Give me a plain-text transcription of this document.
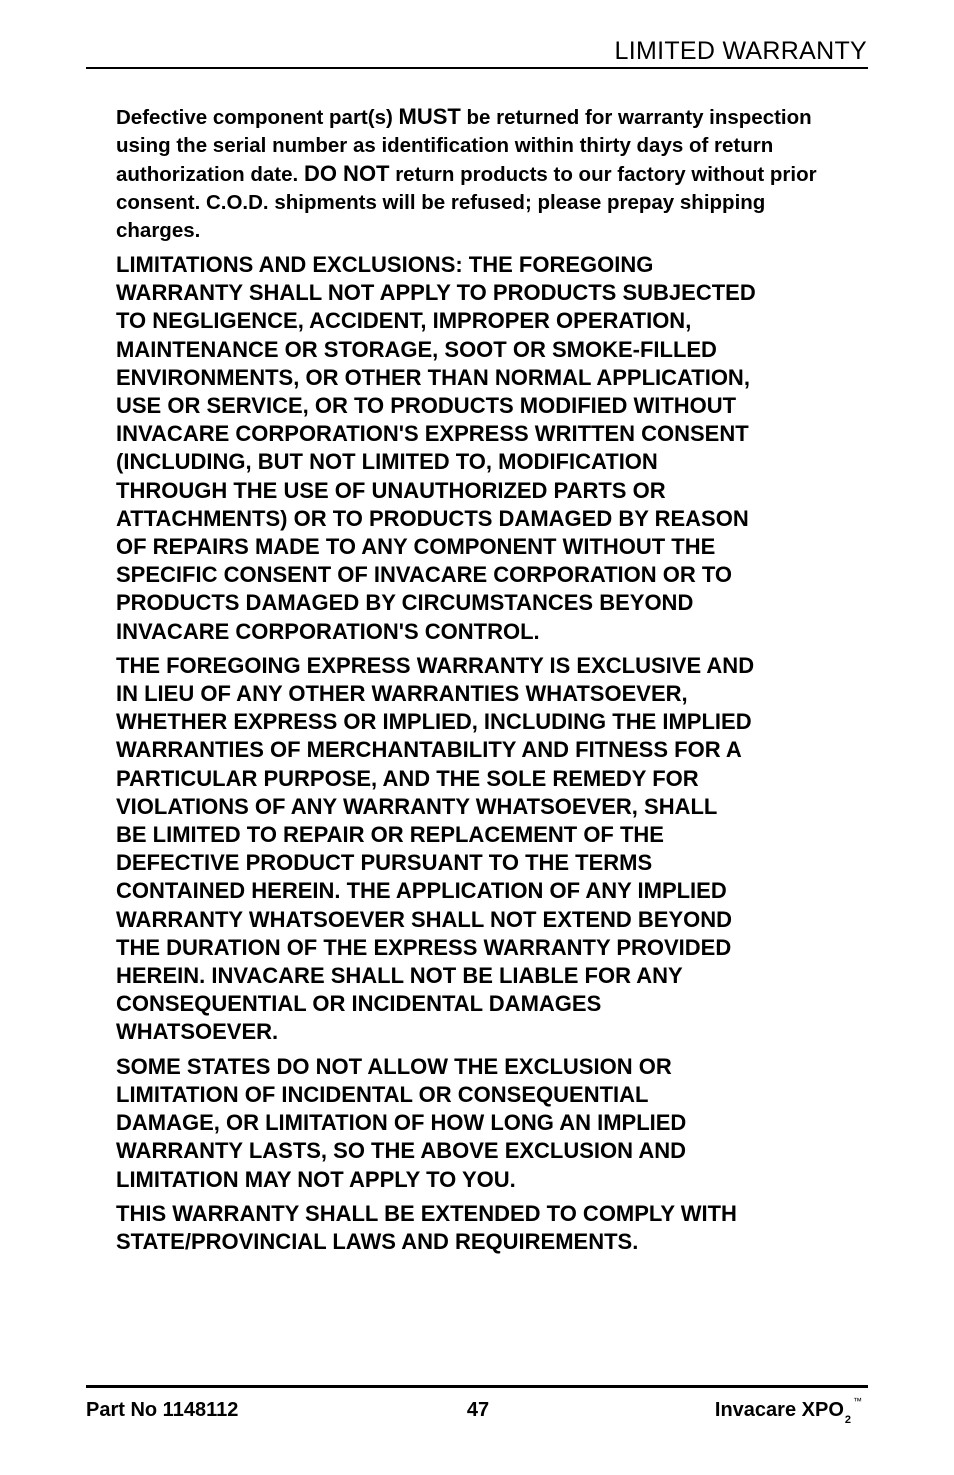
LIMITED WARRANTY

Defective component part(s) MUST be returned for warranty inspection using the serial number as identification within thirty days of return authorization date. DO NOT return products to our factory without prior consent. C.O.D. shipments will be refused; please prepay shipping charges.

LIMITATIONS AND EXCLUSIONS: THE FOREGOING
WARRANTY SHALL NOT APPLY TO PRODUCTS SUBJECTED
TO NEGLIGENCE, ACCIDENT, IMPROPER OPERATION,
MAINTENANCE OR STORAGE, SOOT OR SMOKE-FILLED
ENVIRONMENTS, OR OTHER THAN NORMAL APPLICATION,
USE OR SERVICE, OR TO PRODUCTS MODIFIED WITHOUT
INVACARE CORPORATION'S EXPRESS WRITTEN CONSENT
(INCLUDING, BUT NOT LIMITED TO, MODIFICATION
THROUGH THE USE OF UNAUTHORIZED PARTS OR
ATTACHMENTS) OR TO PRODUCTS DAMAGED BY REASON
OF REPAIRS MADE TO ANY COMPONENT WITHOUT THE
SPECIFIC CONSENT OF INVACARE CORPORATION OR TO
PRODUCTS DAMAGED BY CIRCUMSTANCES BEYOND
INVACARE CORPORATION'S CONTROL.

THE FOREGOING EXPRESS WARRANTY IS EXCLUSIVE AND
IN LIEU OF ANY OTHER WARRANTIES WHATSOEVER,
WHETHER EXPRESS OR IMPLIED, INCLUDING THE IMPLIED
WARRANTIES OF MERCHANTABILITY AND FITNESS FOR A
PARTICULAR PURPOSE, AND THE SOLE REMEDY FOR
VIOLATIONS OF ANY WARRANTY WHATSOEVER, SHALL
BE LIMITED TO REPAIR OR REPLACEMENT OF THE
DEFECTIVE PRODUCT PURSUANT TO THE TERMS
CONTAINED HEREIN. THE APPLICATION OF ANY IMPLIED
WARRANTY WHATSOEVER SHALL NOT EXTEND BEYOND
THE DURATION OF THE EXPRESS WARRANTY PROVIDED
HEREIN. INVACARE SHALL NOT BE LIABLE FOR ANY
CONSEQUENTIAL OR INCIDENTAL DAMAGES
WHATSOEVER.

SOME STATES DO NOT ALLOW THE EXCLUSION OR
LIMITATION OF INCIDENTAL OR CONSEQUENTIAL
DAMAGE, OR LIMITATION OF HOW LONG AN IMPLIED
WARRANTY LASTS, SO THE ABOVE EXCLUSION AND
LIMITATION MAY NOT APPLY TO YOU.

THIS WARRANTY SHALL BE EXTENDED TO COMPLY WITH
STATE/PROVINCIAL LAWS AND REQUIREMENTS.

Part No 1148112	47	Invacare $XPO_2™$
